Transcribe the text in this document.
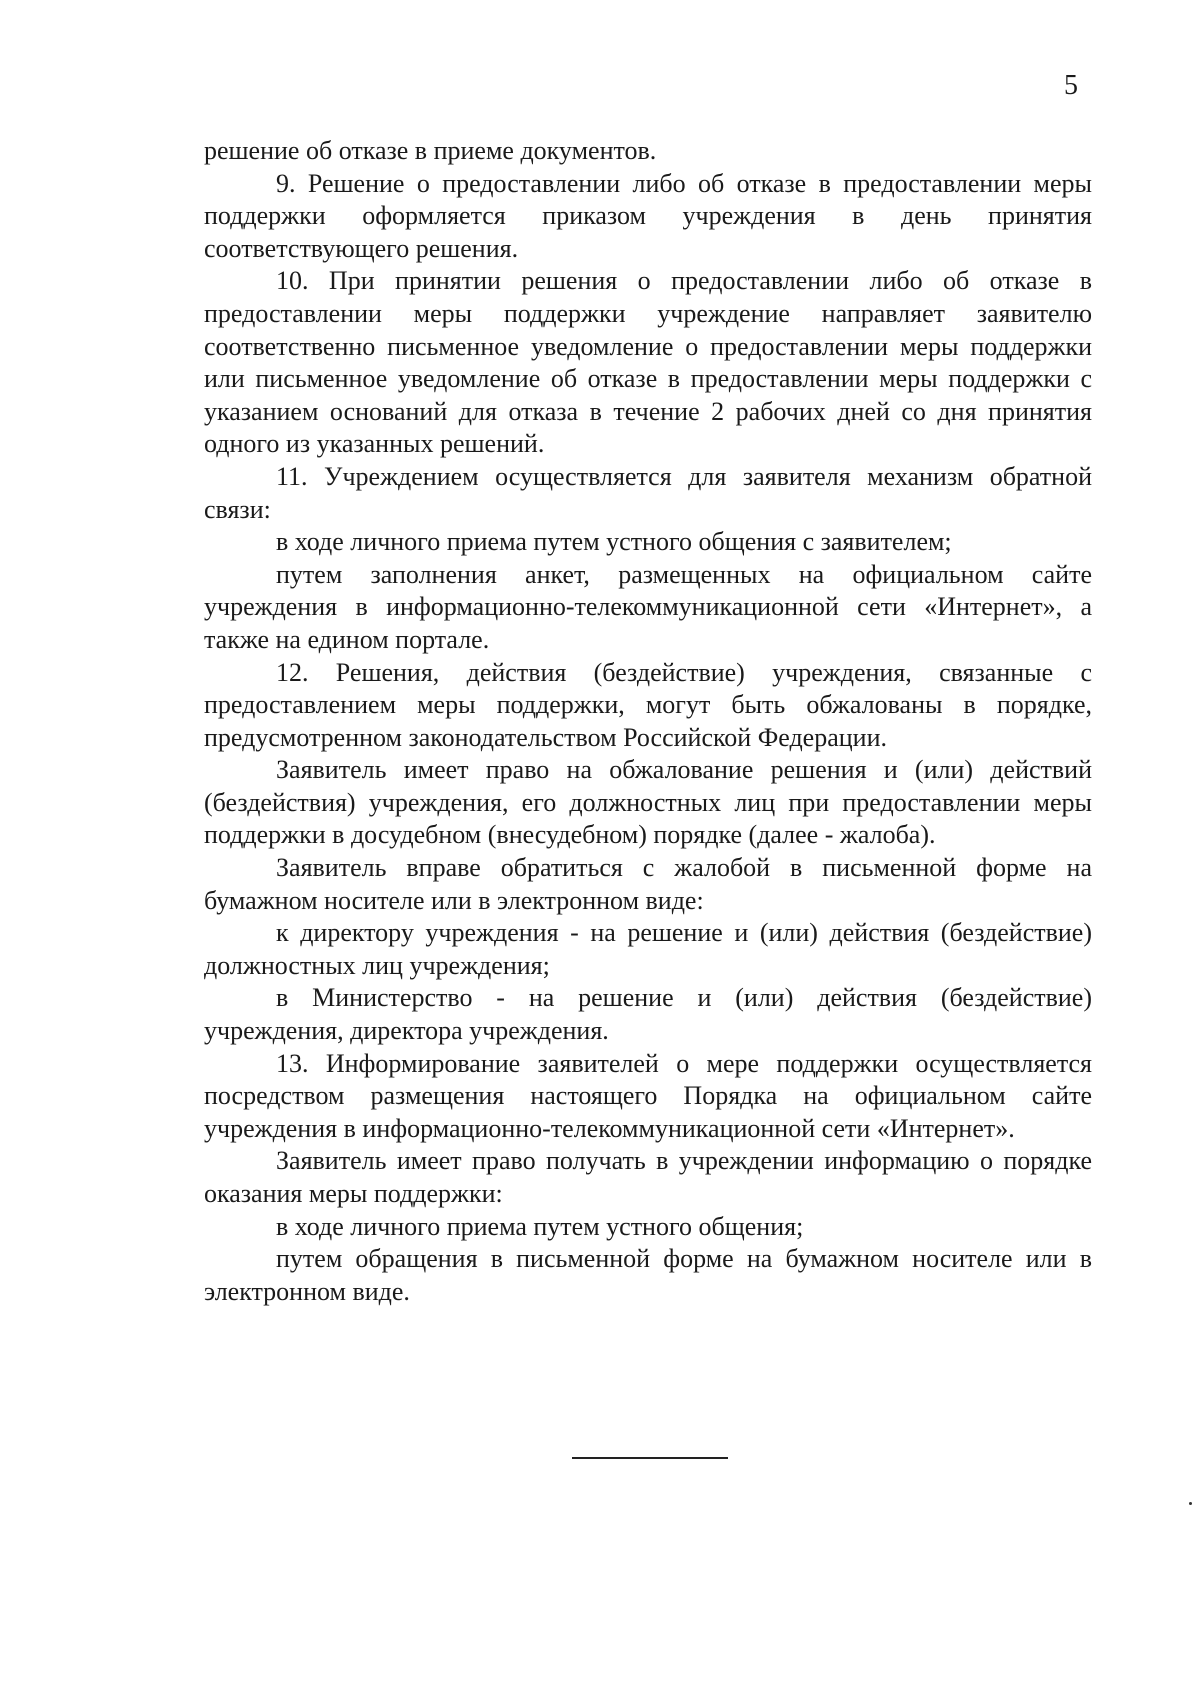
5

решение об отказе в приеме документов.

9. Решение о предоставлении либо об отказе в предоставлении меры поддержки оформляется приказом учреждения в день принятия соответствующего решения.

10. При принятии решения о предоставлении либо об отказе в предоставлении меры поддержки учреждение направляет заявителю соответственно письменное уведомление о предоставлении меры поддержки или письменное уведомление об отказе в предоставлении меры поддержки с указанием оснований для отказа в течение 2 рабочих дней со дня принятия одного из указанных решений.

11. Учреждением осуществляется для заявителя механизм обратной связи:

в ходе личного приема путем устного общения с заявителем;

путем заполнения анкет, размещенных на официальном сайте учреждения в информационно-телекоммуникационной сети «Интернет», а также на едином портале.

12. Решения, действия (бездействие) учреждения, связанные с предоставлением меры поддержки, могут быть обжалованы в порядке, предусмотренном законодательством Российской Федерации.

Заявитель имеет право на обжалование решения и (или) действий (бездействия) учреждения, его должностных лиц при предоставлении меры поддержки в досудебном (внесудебном) порядке (далее - жалоба).

Заявитель вправе обратиться с жалобой в письменной форме на бумажном носителе или в электронном виде:

к директору учреждения - на решение и (или) действия (бездействие) должностных лиц учреждения;

в Министерство - на решение и (или) действия (бездействие) учреждения, директора учреждения.

13. Информирование заявителей о мере поддержки осуществляется посредством размещения настоящего Порядка на официальном сайте учреждения в информационно-телекоммуникационной сети «Интернет».

Заявитель имеет право получать в учреждении информацию о порядке оказания меры поддержки:

в ходе личного приема путем устного общения;

путем обращения в письменной форме на бумажном носителе или в электронном виде.
